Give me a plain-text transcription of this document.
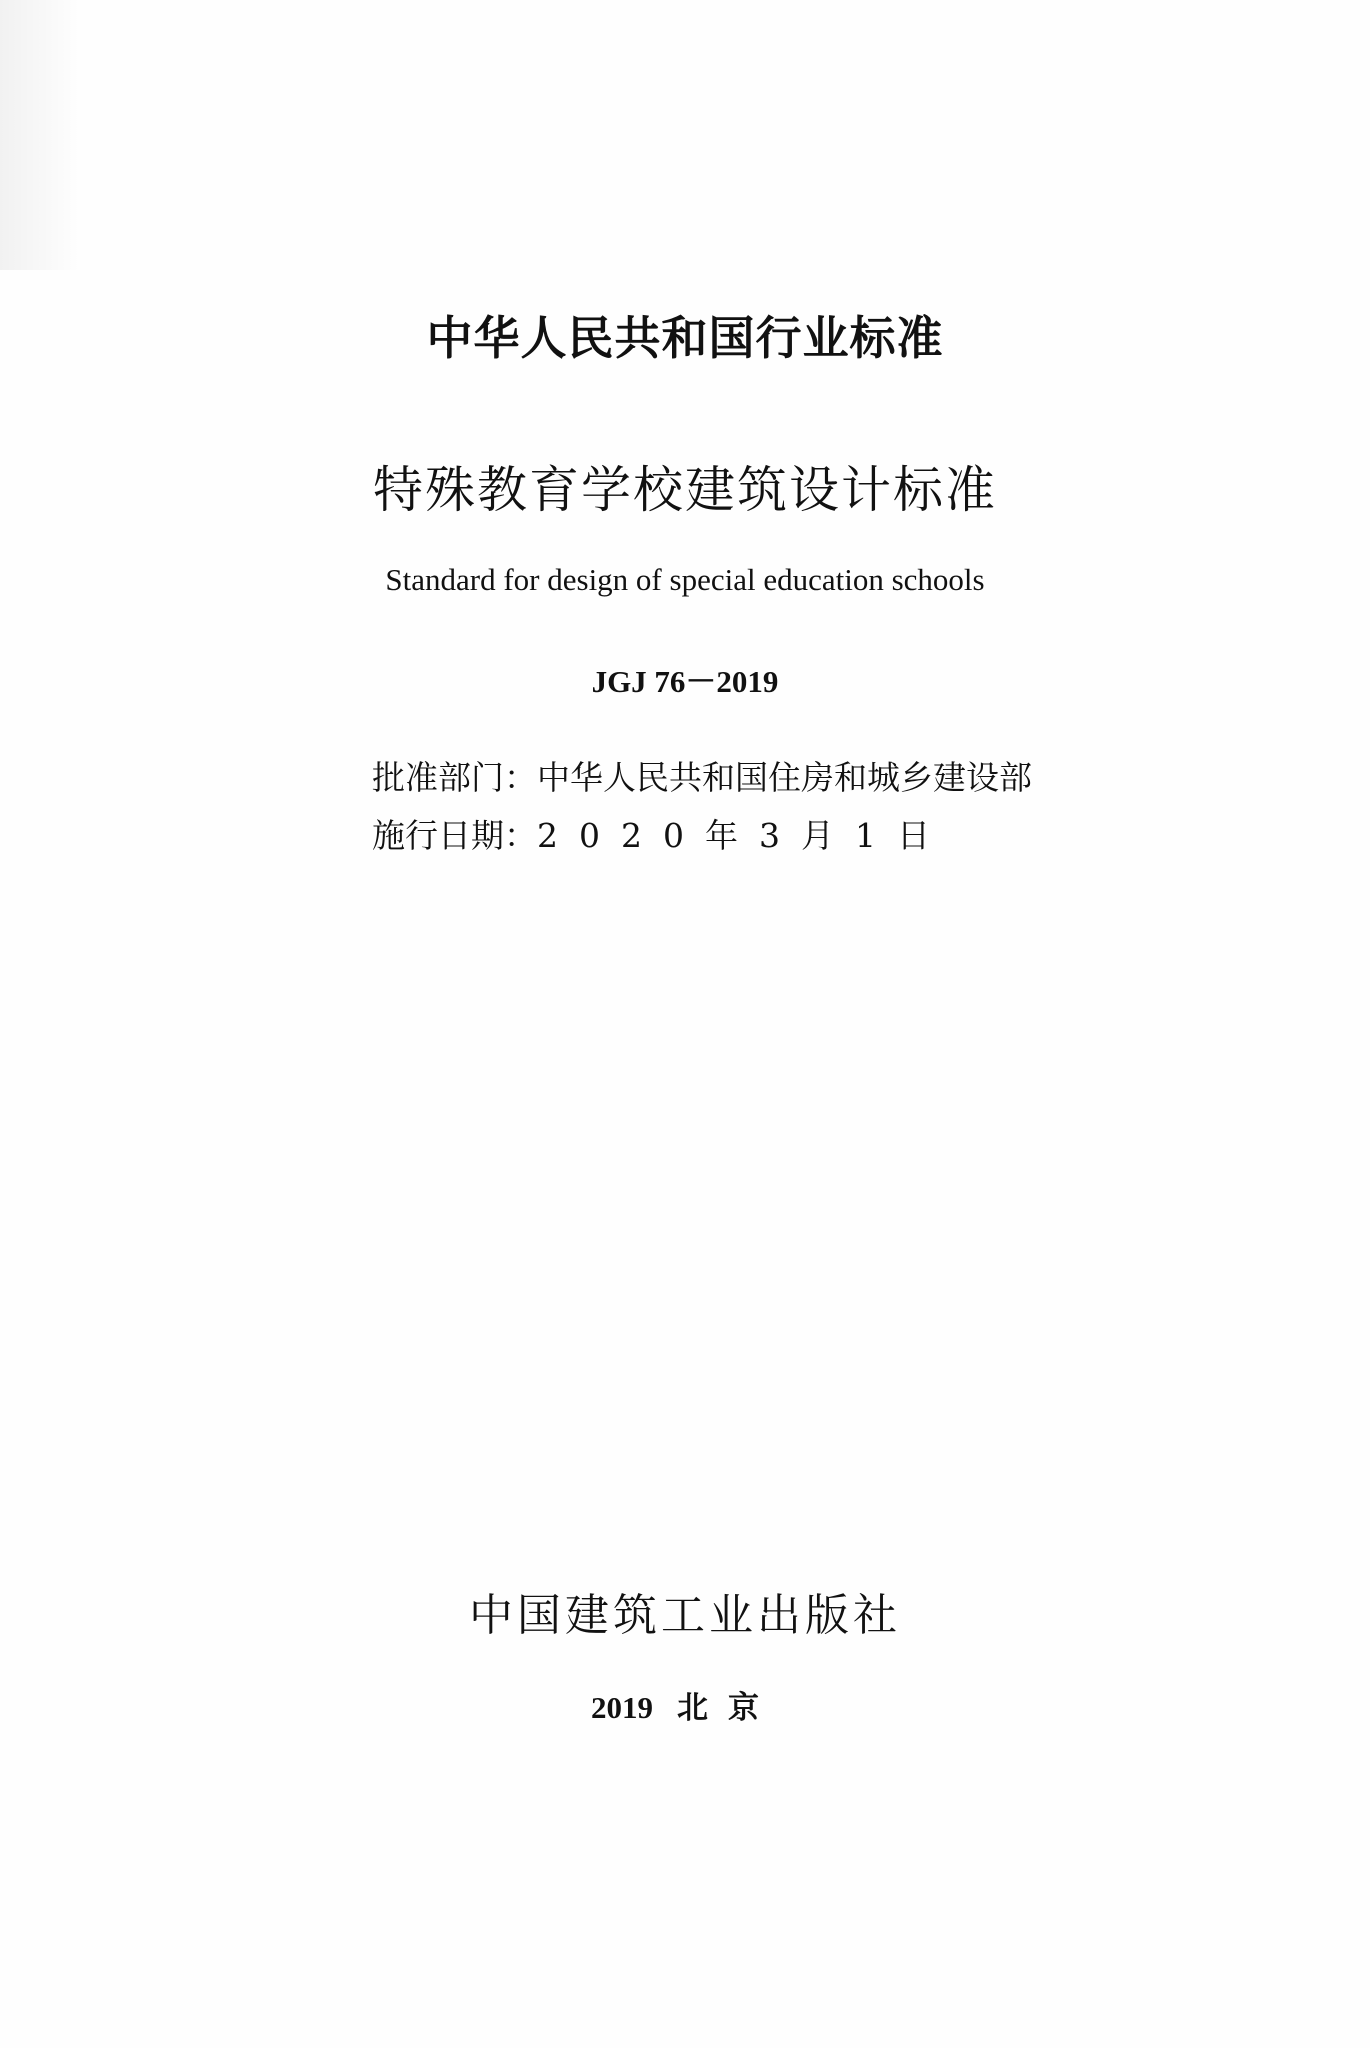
中华人民共和国行业标准
特殊教育学校建筑设计标准
Standard for design of special education schools
JGJ 76－2019
批准部门：中华人民共和国住房和城乡建设部
施行日期：2020年3月1日
中国建筑工业出版社
2019 北京
